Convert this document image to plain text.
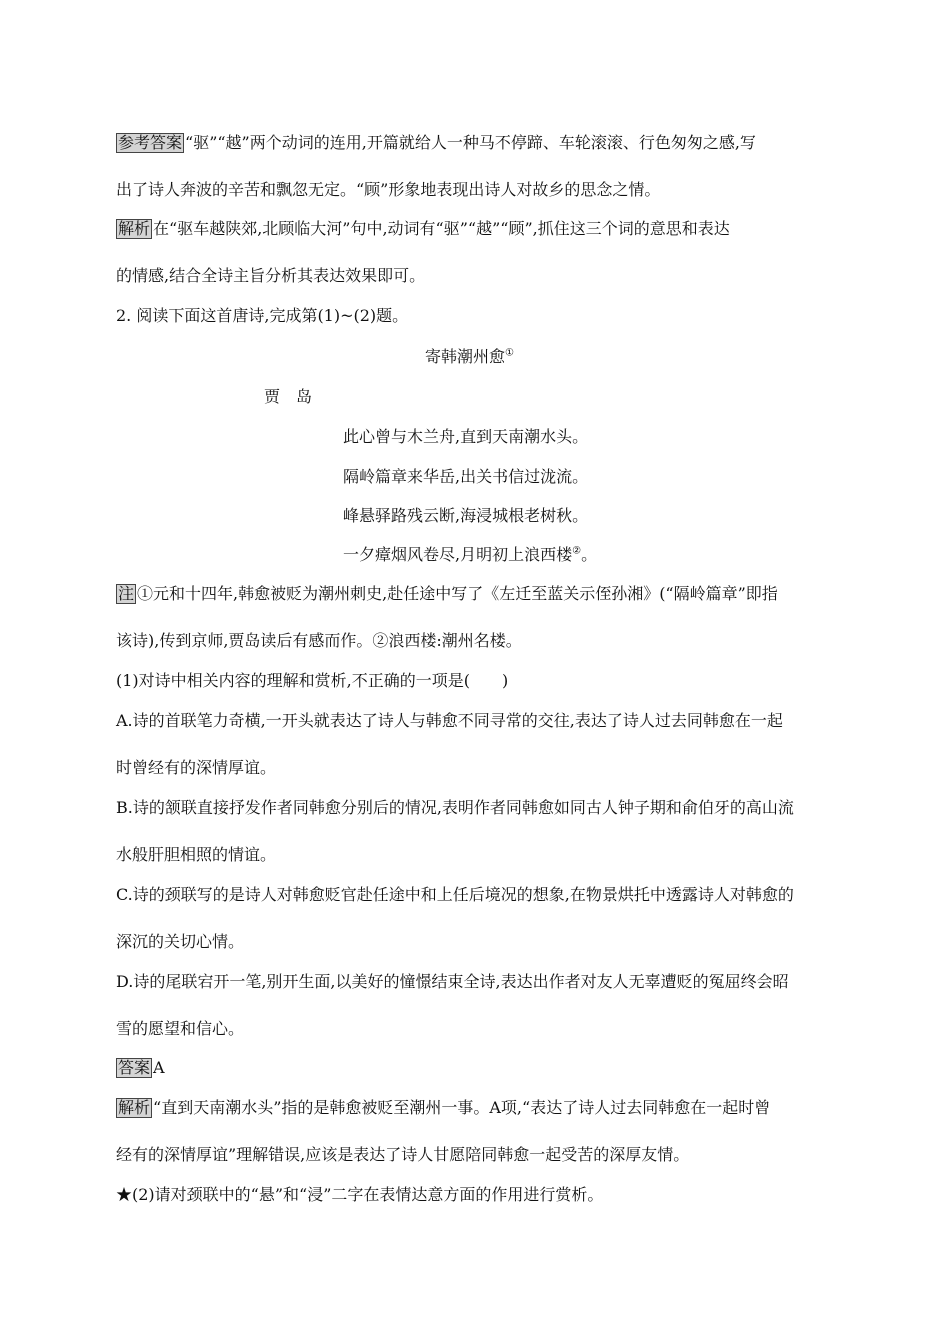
参考答案 “驱”“越”两个动词的连用,开篇就给人一种马不停蹄、车轮滚滚、行色匆匆之感,写
出了诗人奔波的辛苦和飘忽无定。“顾”形象地表现出诗人对故乡的思念之情。
解析 在“驱车越陕郊,北顾临大河”句中,动词有“驱”“越”“顾”,抓住这三个词的意思和表达
的情感,结合全诗主旨分析其表达效果即可。
2. 阅读下面这首唐诗,完成第(1)~(2)题。
寄韩潮州愈①
贾　岛
此心曾与木兰舟,直到天南潮水头。
隔岭篇章来华岳,出关书信过泷流。
峰悬驿路残云断,海浸城根老树秋。
一夕瘴烟风卷尽,月明初上浪西楼②。
注 ①元和十四年,韩愈被贬为潮州刺史,赴任途中写了《左迁至蓝关示侄孙湘》(“隔岭篇章”即指
该诗),传到京师,贾岛读后有感而作。②浪西楼:潮州名楼。
(1)对诗中相关内容的理解和赏析,不正确的一项是(　　)
A.诗的首联笔力奇横,一开头就表达了诗人与韩愈不同寻常的交往,表达了诗人过去同韩愈在一起
时曾经有的深情厚谊。
B.诗的颔联直接抒发作者同韩愈分别后的情况,表明作者同韩愈如同古人钟子期和俞伯牙的高山流
水般肝胆相照的情谊。
C.诗的颈联写的是诗人对韩愈贬官赴任途中和上任后境况的想象,在物景烘托中透露诗人对韩愈的
深沉的关切心情。
D.诗的尾联宕开一笔,别开生面,以美好的憧憬结束全诗,表达出作者对友人无辜遭贬的冤屈终会昭
雪的愿望和信心。
答案 A
解析 “直到天南潮水头”指的是韩愈被贬至潮州一事。A项,“表达了诗人过去同韩愈在一起时曾
经有的深情厚谊”理解错误,应该是表达了诗人甘愿陪同韩愈一起受苦的深厚友情。
★(2)请对颈联中的“悬”和“浸”二字在表情达意方面的作用进行赏析。
